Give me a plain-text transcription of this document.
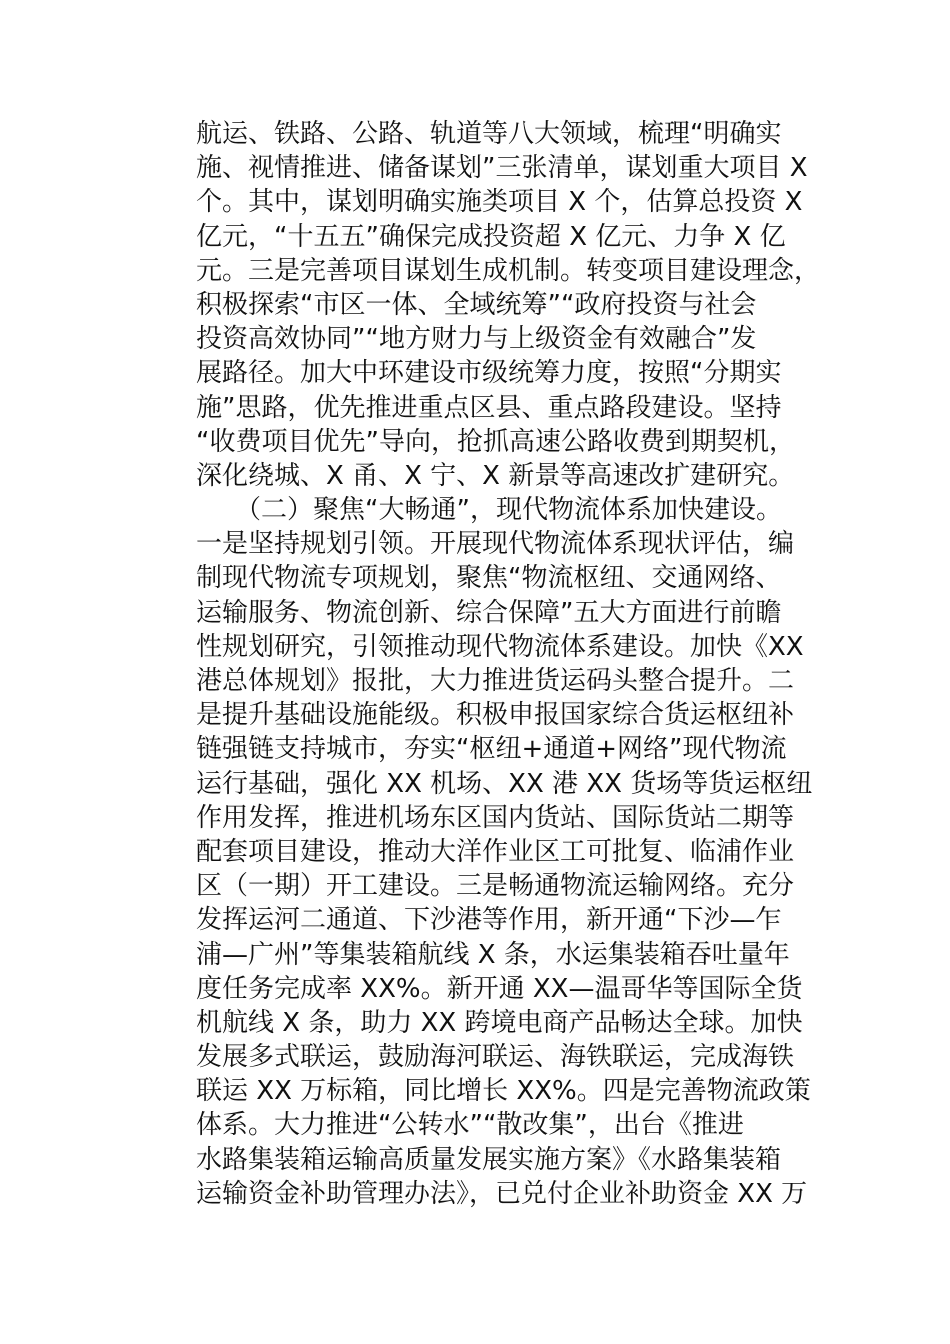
航运、铁路、公路、轨道等八大领域，梳理“明确实
施、视情推进、储备谋划”三张清单，谋划重大项目 X
个。其中，谋划明确实施类项目 X 个，估算总投资 X
亿元，“十五五”确保完成投资超 X 亿元、力争 X 亿
元。三是完善项目谋划生成机制。转变项目建设理念，
积极探索“市区一体、全域统筹”“政府投资与社会
投资高效协同”“地方财力与上级资金有效融合”发
展路径。加大中环建设市级统筹力度，按照“分期实
施”思路，优先推进重点区县、重点路段建设。坚持
“收费项目优先”导向，抢抓高速公路收费到期契机，
深化绕城、X 甬、X 宁、X 新景等高速改扩建研究。
　　（二）聚焦“大畅通”，现代物流体系加快建设。
一是坚持规划引领。开展现代物流体系现状评估，编
制现代物流专项规划，聚焦“物流枢纽、交通网络、
运输服务、物流创新、综合保障”五大方面进行前瞻
性规划研究，引领推动现代物流体系建设。加快《XX
港总体规划》报批，大力推进货运码头整合提升。二
是提升基础设施能级。积极申报国家综合货运枢纽补
链强链支持城市，夯实“枢纽+通道+网络”现代物流
运行基础，强化 XX 机场、XX 港 XX 货场等货运枢纽
作用发挥，推进机场东区国内货站、国际货站二期等
配套项目建设，推动大洋作业区工可批复、临浦作业
区（一期）开工建设。三是畅通物流运输网络。充分
发挥运河二通道、下沙港等作用，新开通“下沙—乍
浦—广州”等集装箱航线 X 条，水运集装箱吞吐量年
度任务完成率 XX%。新开通 XX—温哥华等国际全货
机航线 X 条，助力 XX 跨境电商产品畅达全球。加快
发展多式联运，鼓励海河联运、海铁联运，完成海铁
联运 XX 万标箱，同比增长 XX%。四是完善物流政策
体系。大力推进“公转水”“散改集”，出台《推进
水路集装箱运输高质量发展实施方案》《水路集装箱
运输资金补助管理办法》，已兑付企业补助资金 XX 万
